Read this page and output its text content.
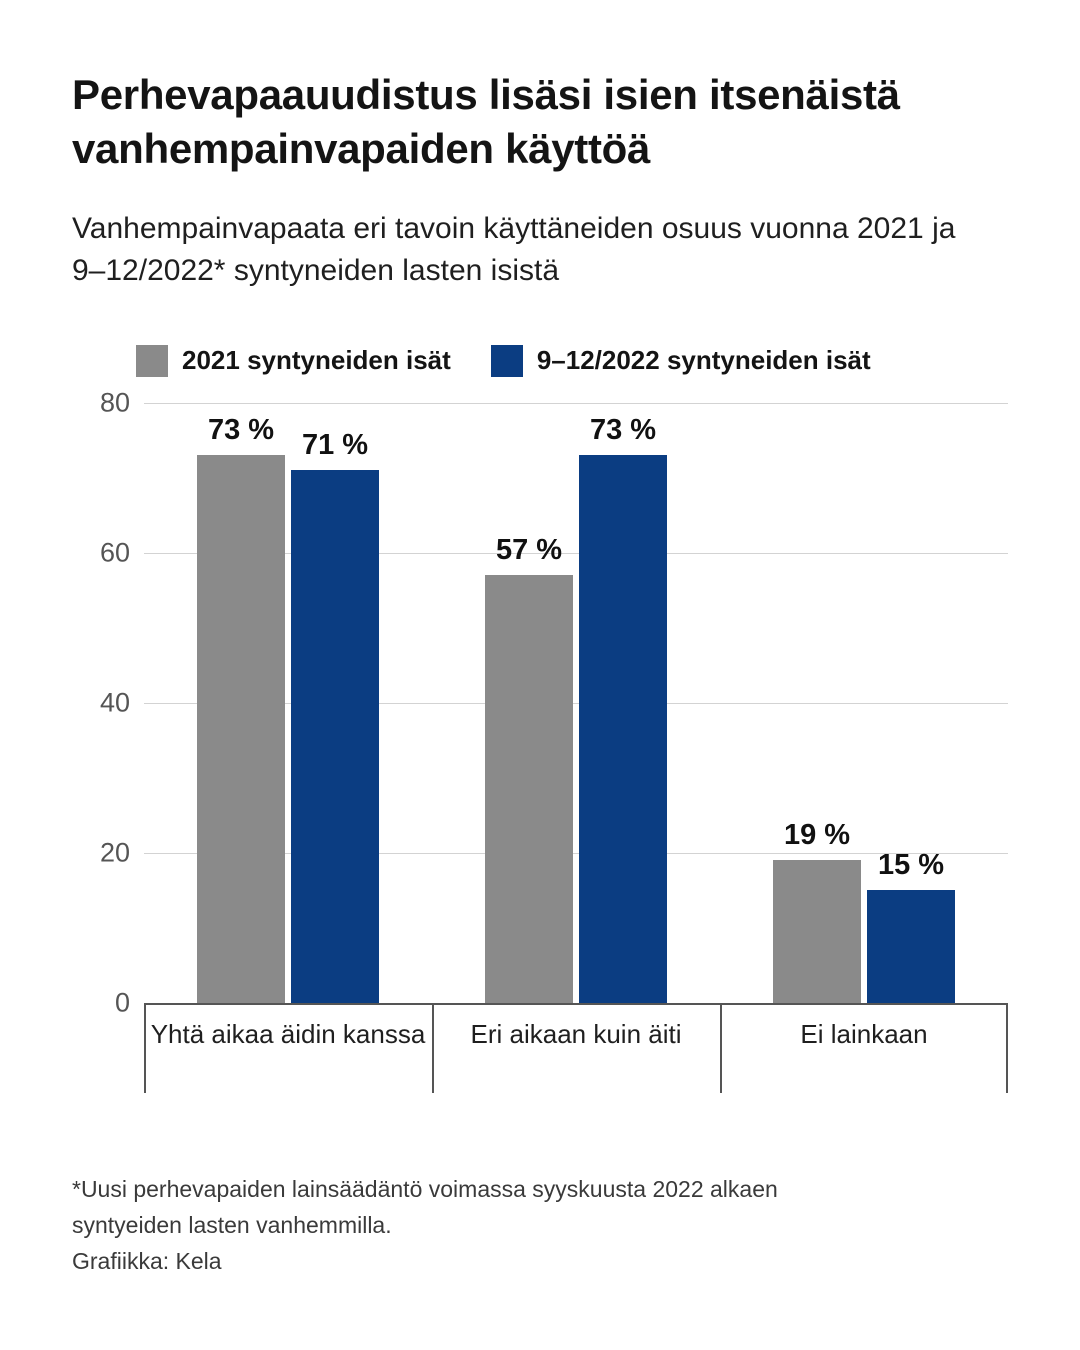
Perhevapaauudistus lisäsi isien itsenäistä vanhempainvapaiden käyttöä

Vanhempainvapaata eri tavoin käyttäneiden osuus vuonna 2021 ja 9–12/2022* syntyneiden lasten isistä

2021 syntyneiden isät	9–12/2022 syntyneiden isät
0
20
40
60
80
73 % 71 %
57 %
73 %
19 %
15 %
Yhtä aikaa äidin kanssa	Eri aikaan kuin äiti	Ei lainkaan
*Uusi perhevapaiden lainsäädäntö voimassa syyskuusta 2022 alkaen
syntyeiden lasten vanhemmilla.
Grafiikka: Kela
